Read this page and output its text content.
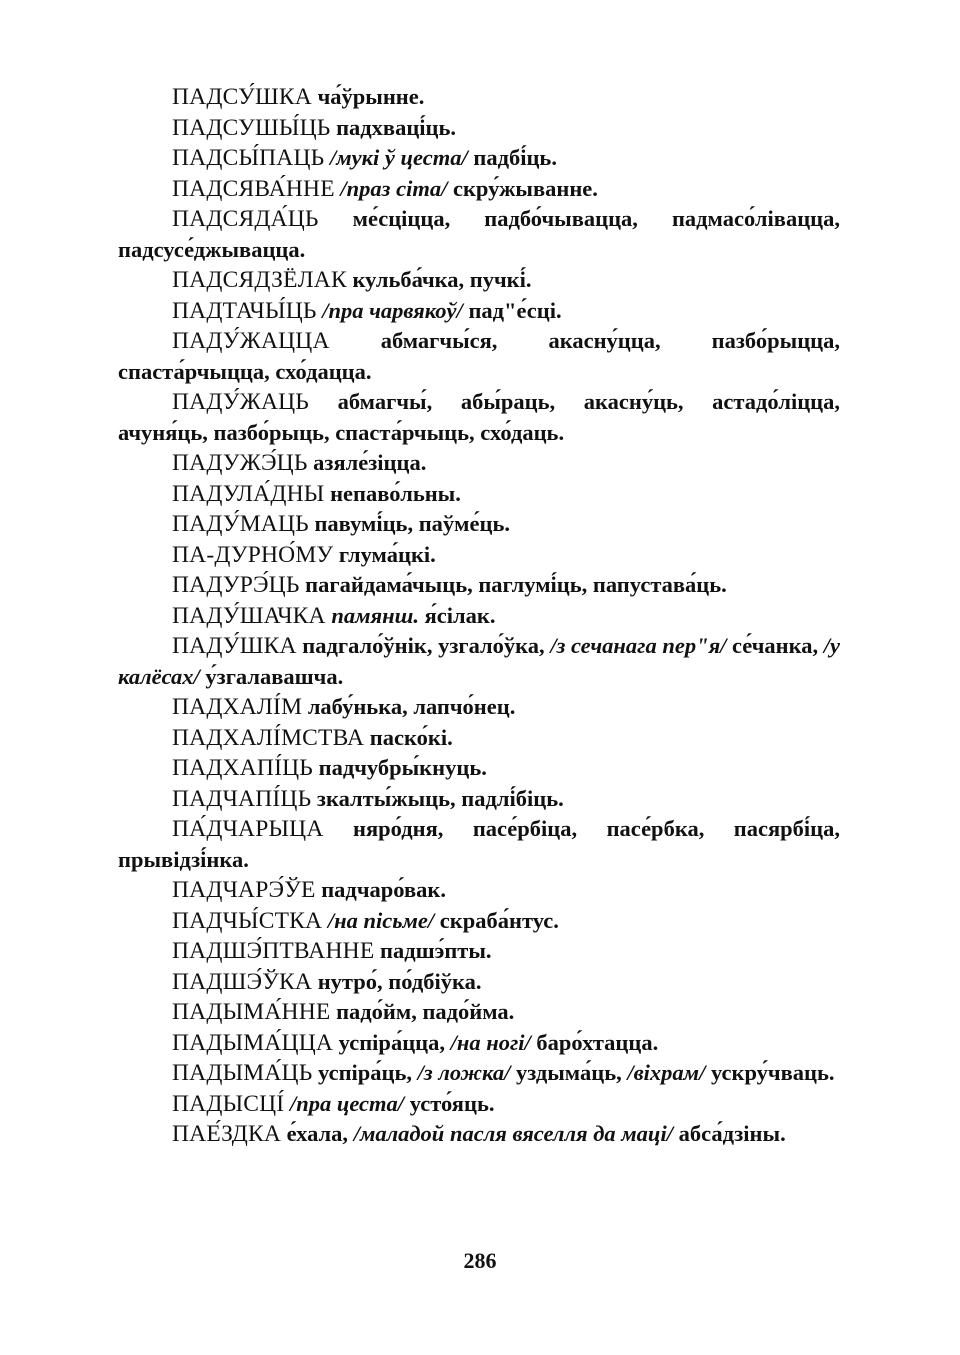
ПАДСУ́ШКА ча́ўрынне.

ПАДСУШЫ́ЦЬ падхваці́ць.

ПАДСЫ́ПАЦЬ /мукі ў цеста/ падбі́ць.

ПАДСЯВА́ННЕ /праз сіта/ скру́жыванне.

ПАДСЯДА́ЦЬ ме́сціцца, падбо́чывацца, падмасо́лівацца, падсусе́джывацца.

ПАДСЯДЗЁЛАК кульба́чка, пучкі́.

ПАДТАЧЫ́ЦЬ /пра чарвякоў/ пад"е́сці.

ПАДУ́ЖАЦЦА абмагчы́ся, акасну́цца, пазбо́рыцца, спаста́рчыцца, схо́дацца.

ПАДУ́ЖАЦЬ абмагчы́, абы́раць, акасну́ць, астадо́ліцца, ачуня́ць, пазбо́рыць, спаста́рчыць, схо́даць.

ПАДУЖЭ́ЦЬ азяле́зіцца.

ПАДУЛА́ДНЫ непаво́льны.

ПАДУ́МАЦЬ павумі́ць, паўме́ць.

ПА-ДУРНО́МУ глума́цкі.

ПАДУРЭ́ЦЬ пагайдама́чыць, паглумі́ць, папустава́ць.

ПАДУ́ШАЧКА памянш. я́сілак.

ПАДУ́ШКА падгало́ўнік, узгало́ўка, /з сечанага пер"я/ се́чанка, /у калёсах/ у́згалавашча.

ПАДХАЛІ́М лабу́нька, лапчо́нец.

ПАДХАЛІ́МСТВА паско́кі.

ПАДХАПІ́ЦЬ падчубры́кнуць.

ПАДЧАПІ́ЦЬ зкалты́жыць, падлі́біць.

ПА́ДЧАРЫЦА няро́дня, пасе́рбіца, пасе́рбка, пасярбі́ца, прывідзі́нка.

ПАДЧАРЭ́ЎЕ падчаро́вак.

ПАДЧЫ́СТКА /на пісьме/ скраба́нтус.

ПАДШЭ́ПТВАННЕ падшэ́пты.

ПАДШЭ́ЎКА нутро́, по́дбіўка.

ПАДЫМА́ННЕ падо́йм, падо́йма.

ПАДЫМА́ЦЦА успіра́цца, /на ногі/ баро́хтацца.

ПАДЫМА́ЦЬ успіра́ць, /з ложка/ уздыма́ць, /віхрам/ ускру́чваць.

ПАДЫСЦІ́ /пра цеста/ усто́яць.

ПАЕ́ЗДКА е́хала, /маладой пасля вяселля да маці/ абса́дзіны.

286
